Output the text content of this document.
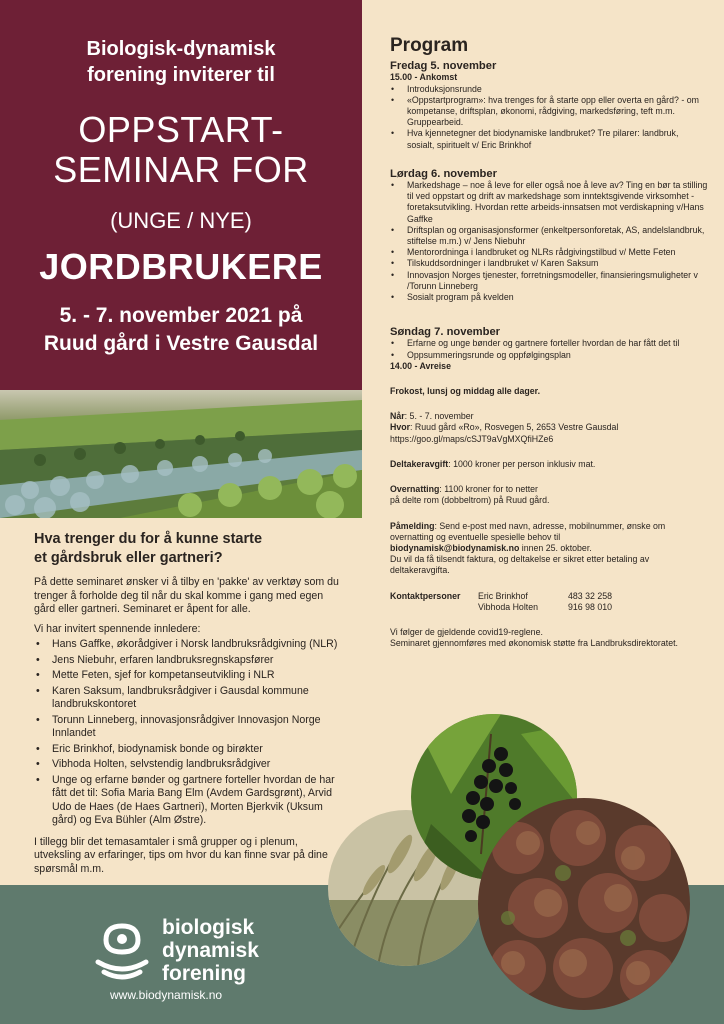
Biologisk-dynamisk
forening inviterer til
OPPSTART-
SEMINAR FOR
(UNGE / NYE)
JORDBRUKERE
5. - 7. november 2021 på
Ruud gård i Vestre Gausdal
Hva trenger du for å kunne starte
et gårdsbruk eller gartneri?

På dette seminaret ønsker vi å tilby en 'pakke' av verktøy som du trenger å forholde deg til når du skal komme i gang med egen gård eller gartneri. Seminaret er åpent for alle.

Vi har invitert spennende innledere:

• Hans Gaffke, økorådgiver i Norsk landbruksrådgivning (NLR)
• Jens Niebuhr, erfaren landbruksregnskapsfører
• Mette Feten, sjef for kompetanseutvikling i NLR
• Karen Saksum, landbruksrådgiver i Gausdal kommune landbrukskontoret
• Torunn Linneberg, innovasjonsrådgiver Innovasjon Norge Innlandet
• Eric Brinkhof, biodynamisk bonde og birøkter
• Vibhoda Holten, selvstendig landbruksrådgiver
• Unge og erfarne bønder og gartnere forteller hvordan de har fått det til: Sofia Maria Bang Elm (Avdem Gardsgrønt), Arvid Udo de Haes (de Haes Gartneri), Morten Bjerkvik (Uksum gård) og Eva Bühler (Alm Østre).

I tillegg blir det temasamtaler i små grupper og i plenum, utveksling av erfaringer, tips om hvor du kan finne svar på dine spørsmål m.m.

Program
Fredag 5. november
15.00 - Ankomst
• Introduksjonsrunde
• «Oppstartprogram»: hva trenges for å starte opp eller overta en gård? - om kompetanse, driftsplan, økonomi, rådgiving, markedsføring, teft m.m. Gruppearbeid.
• Hva kjennetegner det biodynamiske landbruket? Tre pilarer: landbruk, sosialt, spirituelt v/ Eric Brinkhof
Lørdag 6. november
• Markedshage – noe å leve for eller også noe å leve av? Ting en bør ta stilling til ved oppstart og drift av markedshage som inntektsgivende virksomhet - foretaksutvikling. Hvordan rette arbeids-innsatsen mot verdiskapning v/Hans Gaffke
• Driftsplan og organisasjonsformer (enkeltpersonforetak, AS, andelslandbruk, stiftelse m.m.) v/ Jens Niebuhr
• Mentorordninga i landbruket og NLRs rådgivingstilbud v/ Mette Feten
• Tilskuddsordninger i landbruket v/ Karen Saksum
• Innovasjon Norges tjenester, forretningsmodeller, finansieringsmuligheter v /Torunn Linneberg
• Sosialt program på kvelden
Søndag 7. november
• Erfarne og unge bønder og gartnere forteller hvordan de har fått det til
• Oppsummeringsrunde og oppfølgingsplan
14.00 - Avreise

Frokost, lunsj og middag alle dager.

Når: 5. - 7. november
Hvor: Ruud gård «Ro», Rosvegen 5, 2653 Vestre Gausdal
https://goo.gl/maps/cSJT9aVgMXQfiHZe6

Deltakeravgift: 1000 kroner per person inklusiv mat.

Overnatting: 1100 kroner for to netter
på delte rom (dobbeltrom) på Ruud gård.

Påmelding: Send e-post med navn, adresse, mobilnummer, ønske om overnatting og eventuelle spesielle behov til
biodynamisk@biodynamisk.no innen 25. oktober.
Du vil da få tilsendt faktura, og deltakelse er sikret etter betaling av deltakeravgifta.

Kontaktpersoner	Eric Brinkhof	483 32 258
Vibhoda Holten	916 98 010

Vi følger de gjeldende covid19-reglene.
Seminaret gjennomføres med økonomisk støtte fra Landbruksdirektoratet.

biologisk
dynamisk
forening
www.biodynamisk.no
